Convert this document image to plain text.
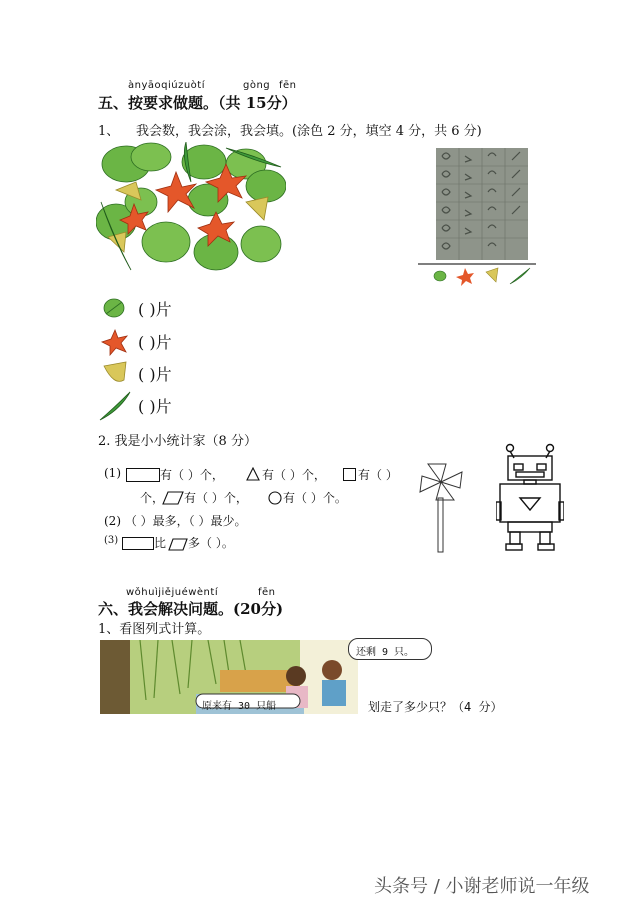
ànyāoqiúzuòtí	gòng fēn
五、按要求做题。（共 15分）
1、 我会数，我会涂，我会填。(涂色 2 分，填空 4 分，共 6 分)
( )片
( )片
( )片
( )片
2. 我是小小统计家（8 分）
(1)	有（ ）个，	有（ ）个，	有（ ）
个， 有（ ）个，	有（ ）个。
(2) （ ）最多，（ ）最少。
(3)	比 多（ ）。
wǒhuìjiějuéwèntí	fēn
六、我会解决问题。(20分)
1、看图列式计算。
原来有 30 只船
还剩 9 只。
划走了多少只？（4 分）
头条号 / 小谢老师说一年级
